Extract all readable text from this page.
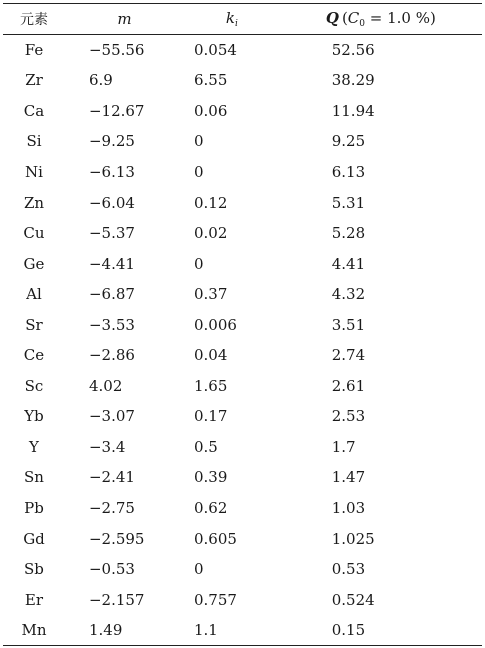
元素	m	$k_i$	Q  ($C_0 = 1.0$ %)
Fe	−55.56	0.054	52.56
Zr	6.9	6.55	38.29
Ca	−12.67	0.06	11.94
Si	−9.25	0	9.25
Ni	−6.13	0	6.13
Zn	−6.04	0.12	5.31
Cu	−5.37	0.02	5.28
Ge	−4.41	0	4.41
Al	−6.87	0.37	4.32
Sr	−3.53	0.006	3.51
Ce	−2.86	0.04	2.74
Sc	4.02	1.65	2.61
Yb	−3.07	0.17	2.53
Y	−3.4	0.5	1.7
Sn	−2.41	0.39	1.47
Pb	−2.75	0.62	1.03
Gd	−2.595	0.605	1.025
Sb	−0.53	0	0.53
Er	−2.157	0.757	0.524
Mn	1.49	1.1	0.15
